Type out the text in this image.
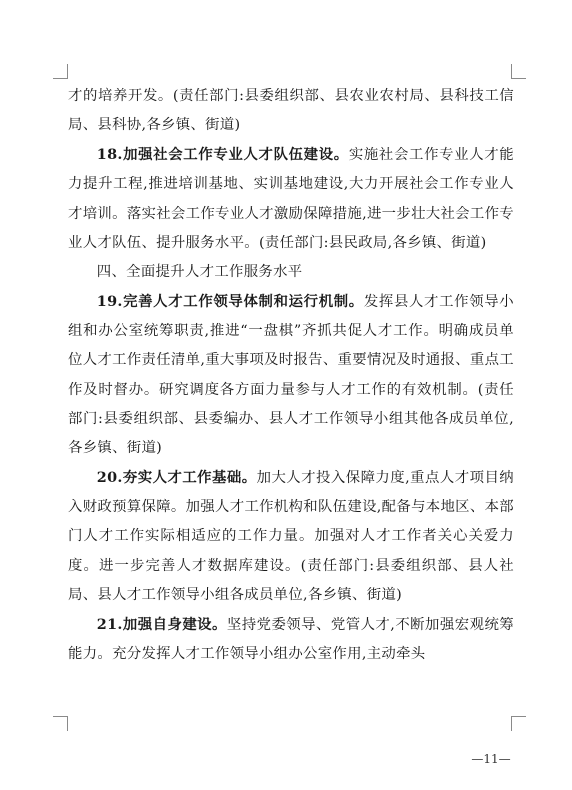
才的培养开发。(责任部门:县委组织部、县农业农村局、县科技工信局、县科协,各乡镇、街道)

18.加强社会工作专业人才队伍建设。实施社会工作专业人才能力提升工程,推进培训基地、实训基地建设,大力开展社会工作专业人才培训。落实社会工作专业人才激励保障措施,进一步壮大社会工作专业人才队伍、提升服务水平。(责任部门:县民政局,各乡镇、街道)

四、全面提升人才工作服务水平

19.完善人才工作领导体制和运行机制。发挥县人才工作领导小组和办公室统筹职责,推进“一盘棋”齐抓共促人才工作。明确成员单位人才工作责任清单,重大事项及时报告、重要情况及时通报、重点工作及时督办。研究调度各方面力量参与人才工作的有效机制。(责任部门:县委组织部、县委编办、县人才工作领导小组其他各成员单位,各乡镇、街道)

20.夯实人才工作基础。加大人才投入保障力度,重点人才项目纳入财政预算保障。加强人才工作机构和队伍建设,配备与本地区、本部门人才工作实际相适应的工作力量。加强对人才工作者关心关爱力度。进一步完善人才数据库建设。(责任部门:县委组织部、县人社局、县人才工作领导小组各成员单位,各乡镇、街道)

21.加强自身建设。坚持党委领导、党管人才,不断加强宏观统筹能力。充分发挥人才工作领导小组办公室作用,主动牵头

—11—
